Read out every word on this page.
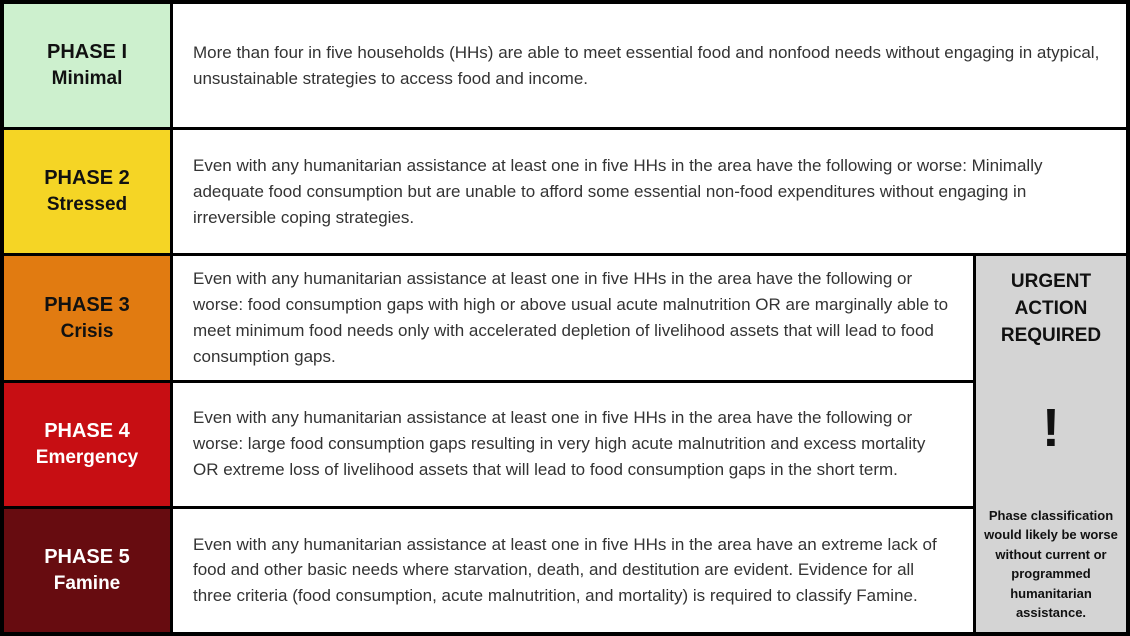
PHASE I
Minimal

More than four in five households (HHs) are able to meet essential food and nonfood needs without engaging in atypical, unsustainable strategies to access food and income.

PHASE 2
Stressed

Even with any humanitarian assistance at least one in five HHs in the area have the following or worse: Minimally adequate food consumption but are unable to afford some essential non-food expenditures without engaging in irreversible coping strategies.

PHASE 3
Crisis

Even with any humanitarian assistance at least one in five HHs in the area have the following or worse: food consumption gaps with high or above usual acute malnutrition OR are marginally able to meet minimum food needs only with accelerated depletion of livelihood assets that will lead to food consumption gaps.

URGENT ACTION REQUIRED
!
Phase classification would likely be worse without current or programmed humanitarian assistance.
PHASE 4
Emergency

Even with any humanitarian assistance at least one in five HHs in the area have the following or worse: large food consumption gaps resulting in very high acute malnutrition and excess mortality OR extreme loss of livelihood assets that will lead to food consumption gaps in the short term.

PHASE 5
Famine

Even with any humanitarian assistance at least one in five HHs in the area have an extreme lack of food and other basic needs where starvation, death, and destitution are evident. Evidence for all three criteria (food consumption, acute malnutrition, and mortality) is required to classify Famine.
